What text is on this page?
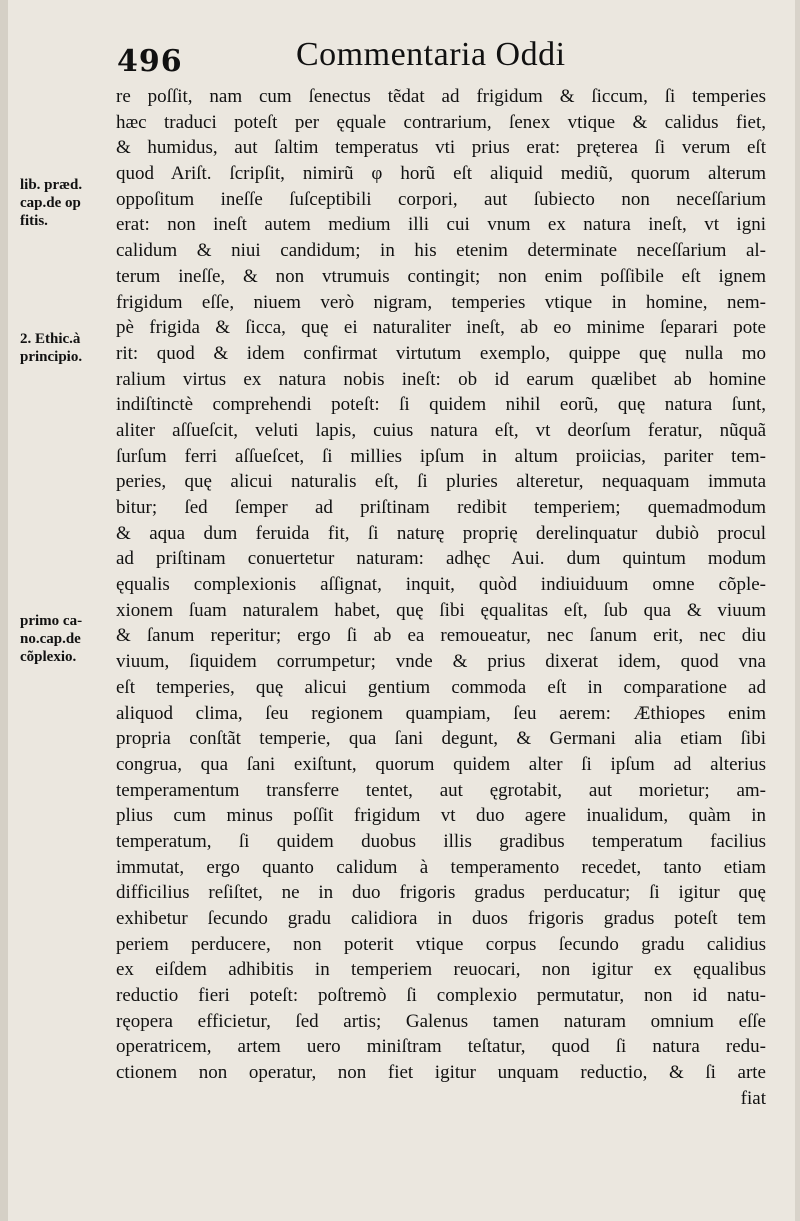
496	Commentaria Oddi
lib. præd.
cap.de op
fitis.
2. Ethic.à
principio.
primo ca-
no.cap.de
cõplexio.
re poſſit, nam cum ſenectus tẽdat ad frigidum & ſiccum, ſi temperies
hæc traduci poteſt per ęquale contrarium, ſenex vtique & calidus fiet,
& humidus, aut ſaltim temperatus vti prius erat: pręterea ſi verum eſt
quod Ariſt. ſcripſit, nimirũ φ horũ eſt aliquid mediũ, quorum alterum
oppoſitum ineſſe ſuſceptibili corpori, aut ſubiecto non neceſſarium
erat: non ineſt autem medium illi cui vnum ex natura ineſt, vt igni
calidum & niui candidum; in his etenim determinate neceſſarium al-
terum ineſſe, & non vtrumuis contingit; non enim poſſibile eſt ignem
frigidum eſſe, niuem verò nigram, temperies vtique in homine, nem-
pè frigida & ſicca, quę ei naturaliter ineſt, ab eo minime ſeparari pote
rit: quod & idem confirmat virtutum exemplo, quippe quę nulla mo
ralium virtus ex natura nobis ineſt: ob id earum quælibet ab homine
indiſtinctè comprehendi poteſt: ſi quidem nihil eorũ, quę natura ſunt,
aliter aſſueſcit, veluti lapis, cuius natura eſt, vt deorſum feratur, nũquã
ſurſum ferri aſſueſcet, ſi millies ipſum in altum proiicias, pariter tem-
peries, quę alicui naturalis eſt, ſi pluries alteretur, nequaquam immuta
bitur; ſed ſemper ad priſtinam redibit temperiem; quemadmodum
& aqua dum feruida fit, ſi naturę proprię derelinquatur dubiò procul
ad priſtinam conuertetur naturam: adhęc Aui. dum quintum modum
ęqualis complexionis aſſignat, inquit, quòd indiuiduum omne cõple-
xionem ſuam naturalem habet, quę ſibi ęqualitas eſt, ſub qua & viuum
& ſanum reperitur; ergo ſi ab ea remoueatur, nec ſanum erit, nec diu
viuum, ſiquidem corrumpetur; vnde & prius dixerat idem, quod vna
eſt temperies, quę alicui gentium commoda eſt in comparatione ad
aliquod clima, ſeu regionem quampiam, ſeu aerem: Æthiopes enim
propria conſtãt temperie, qua ſani degunt, & Germani alia etiam ſibi
congrua, qua ſani exiſtunt, quorum quidem alter ſi ipſum ad alterius
temperamentum transferre tentet, aut ęgrotabit, aut morietur; am-
plius cum minus poſſit frigidum vt duo agere inualidum, quàm in
temperatum, ſi quidem duobus illis gradibus temperatum facilius
immutat, ergo quanto calidum à temperamento recedet, tanto etiam
difficilius reſiſtet, ne in duo frigoris gradus perducatur; ſi igitur quę
exhibetur ſecundo gradu calidiora in duos frigoris gradus poteſt tem
periem perducere, non poterit vtique corpus ſecundo gradu calidius
ex eiſdem adhibitis in temperiem reuocari, non igitur ex ęqualibus
reductio fieri poteſt: poſtremò ſi complexio permutatur, non id natu-
ręopera efficietur, ſed artis; Galenus tamen naturam omnium eſſe
operatricem, artem uero miniſtram teſtatur, quod ſi natura redu-
ctionem non operatur, non fiet igitur unquam reductio, & ſi arte
fiat
